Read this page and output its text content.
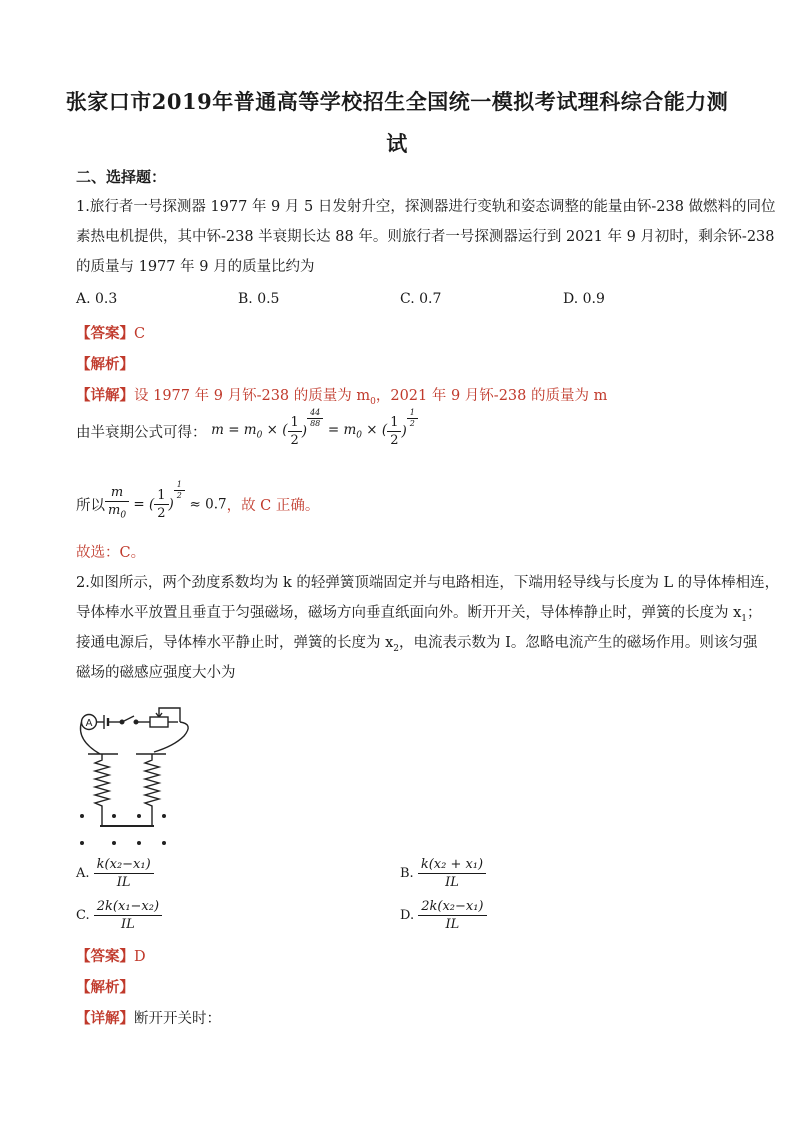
张家口市2019年普通高等学校招生全国统一模拟考试理科综合能力测
试
二、选择题：
1.旅行者一号探测器 1977 年 9 月 5 日发射升空，探测器进行变轨和姿态调整的能量由钚-238 做燃料的同位
素热电机提供，其中钚-238 半衰期长达 88 年。则旅行者一号探测器运行到 2021 年 9 月初时，剩余钚-238
的质量与 1977 年 9 月的质量比约为
A. 0.3	B. 0.5	C. 0.7	D. 0.9
【答案】C
【解析】
【详解】设 1977 年 9 月钚-238 的质量为 $m_0$，2021 年 9 月钚-238 的质量为 m
由半衰期公式可得： $m = m_0$ × ( $\frac{1}{2}$ )
$\frac{44}{88}$
= $m_0$ × ( $\frac{1}{2}$ )
$\frac{1}{2}$
所以 $\frac{m}{m_0}$ = ( $\frac{1}{2}$ )
$\frac{1}{2}$
≈ 0.7，故 C 正确。
故选：C。
2.如图所示，两个劲度系数均为 k 的轻弹簧顶端固定并与电路相连，下端用轻导线与长度为 L 的导体棒相连，
导体棒水平放置且垂直于匀强磁场，磁场方向垂直纸面向外。断开开关，导体棒静止时，弹簧的长度为 $x_1$；
接通电源后，导体棒水平静止时，弹簧的长度为 $x_2$，电流表示数为 I。忽略电流产生的磁场作用。则该匀强
磁场的磁感应强度大小为
A
A. $\frac{\text{k(x₂−x₁)}}{IL}$	B. $\frac{\text{k(x₂ + x₁)}}{IL}$
C. $\frac{\text{2k(x₁−x₂)}}{IL}$	D. $\frac{\text{2k(x₂−x₁)}}{IL}$
【答案】D
【解析】
【详解】断开开关时：
